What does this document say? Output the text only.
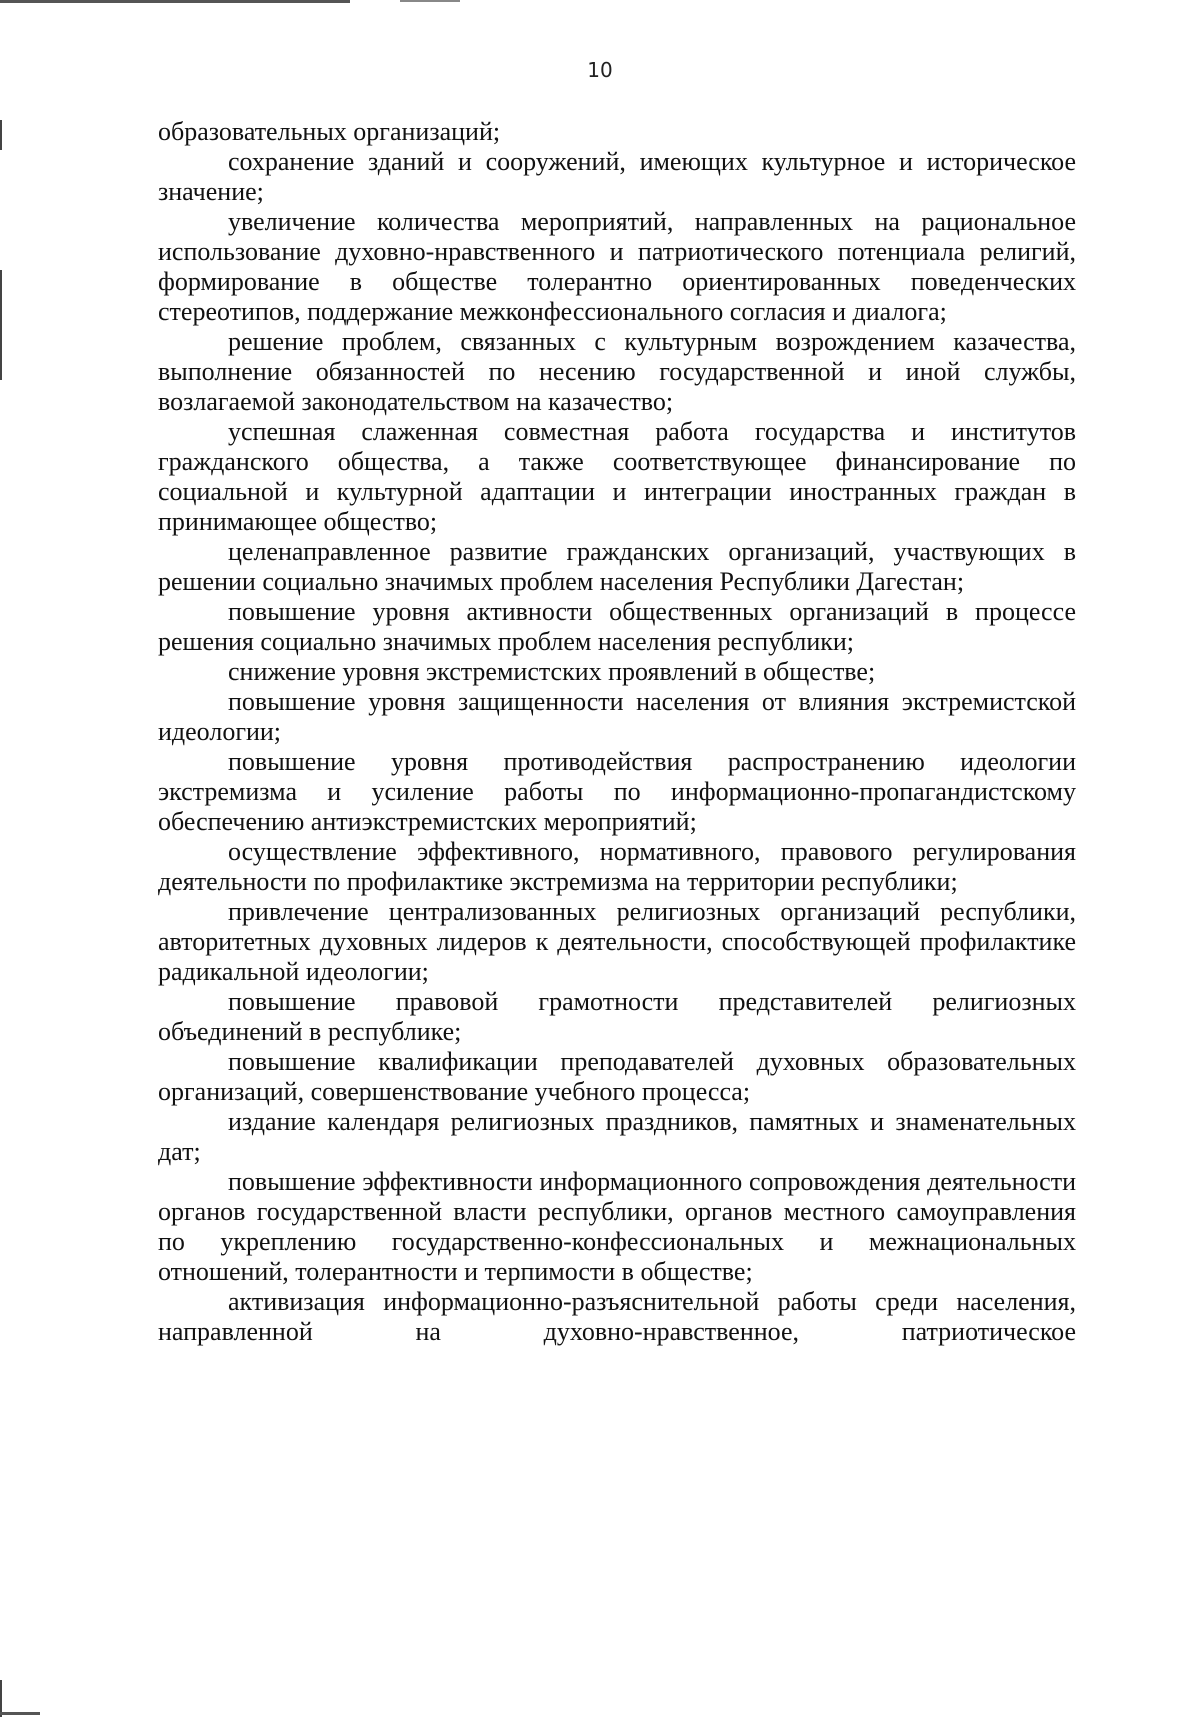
10

образовательных организаций;

сохранение зданий и сооружений, имеющих культурное и историческое значение;

увеличение количества мероприятий, направленных на рациональное использование духовно-нравственного и патриотического потенциала религий, формирование в обществе толерантно ориентированных поведенческих стереотипов, поддержание межконфессионального согласия и диалога;

решение проблем, связанных с культурным возрождением казачества, выполнение обязанностей по несению государственной и иной службы, возлагаемой законодательством на казачество;

успешная слаженная совместная работа государства и институтов гражданского общества, а также соответствующее финансирование по социальной и культурной адаптации и интеграции иностранных граждан в принимающее общество;

целенаправленное развитие гражданских организаций, участвующих в решении социально значимых проблем населения Республики Дагестан;

повышение уровня активности общественных организаций в процессе решения социально значимых проблем населения республики;

снижение уровня экстремистских проявлений в обществе;

повышение уровня защищенности населения от влияния экстремистской идеологии;

повышение уровня противодействия распространению идеологии экстремизма и усиление работы по информационно-пропагандистскому обеспечению антиэкстремистских мероприятий;

осуществление эффективного, нормативного, правового регулирования деятельности по профилактике экстремизма на территории республики;

привлечение централизованных религиозных организаций республики, авторитетных духовных лидеров к деятельности, способствующей профилактике радикальной идеологии;

повышение правовой грамотности представителей религиозных объединений в республике;

повышение квалификации преподавателей духовных образовательных организаций, совершенствование учебного процесса;

издание календаря религиозных праздников, памятных и знаменательных дат;

повышение эффективности информационного сопровождения деятельности органов государственной власти республики, органов местного самоуправления по укреплению государственно-конфессиональных и межнациональных отношений, толерантности и терпимости в обществе;

активизация информационно-разъяснительной работы среди населения, направленной на духовно-нравственное, патриотическое
